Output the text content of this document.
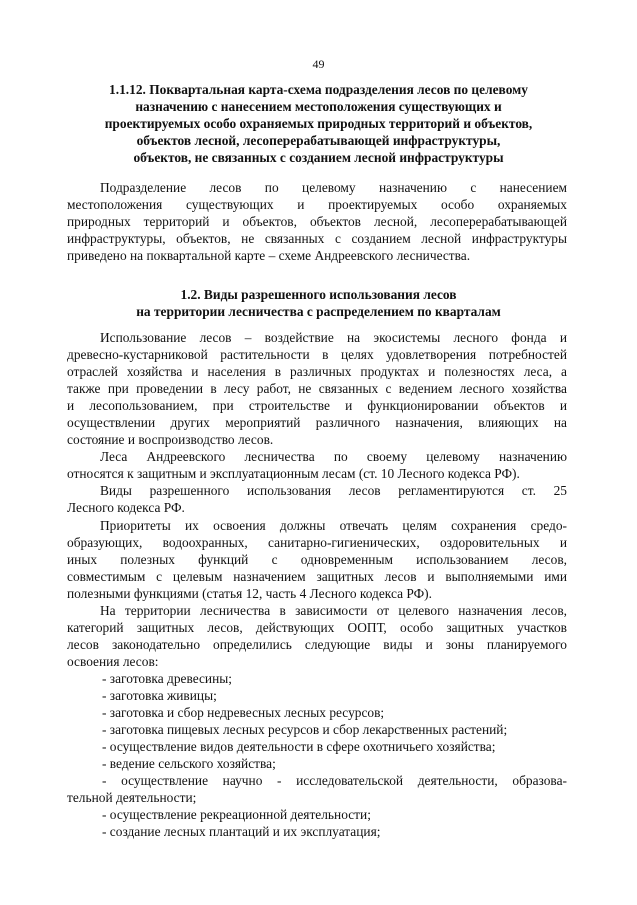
49
1.1.12. Поквартальная карта-схема подразделения лесов по целевому
назначению с нанесением местоположения существующих и
проектируемых особо охраняемых природных территорий и объектов,
объектов лесной, лесоперерабатывающей инфраструктуры,
объектов, не связанных с созданием лесной инфраструктуры
Подразделение лесов по целевому назначению с нанесением
местоположения существующих и проектируемых особо охраняемых
природных территорий и объектов, объектов лесной, лесоперерабатывающей
инфраструктуры, объектов, не связанных с созданием лесной инфраструктуры
приведено на поквартальной карте – схеме Андреевского лесничества.
1.2. Виды разрешенного использования лесов
на территории лесничества с распределением по кварталам
Использование лесов – воздействие на экосистемы лесного фонда и
древесно-кустарниковой растительности в целях удовлетворения потребностей
отраслей хозяйства и населения в различных продуктах и полезностях леса, а
также при проведении в лесу работ, не связанных с ведением лесного хозяйства
и лесопользованием, при строительстве и функционировании объектов и
осуществлении других мероприятий различного назначения, влияющих на
состояние и воспроизводство лесов.
Леса Андреевского лесничества по своему целевому назначению
относятся к защитным и эксплуатационным лесам (ст. 10 Лесного кодекса РФ).
Виды разрешенного использования лесов регламентируются ст. 25
Лесного кодекса РФ.
Приоритеты их освоения должны отвечать целям сохранения средо-
образующих, водоохранных, санитарно-гигиенических, оздоровительных и
иных полезных функций с одновременным использованием лесов,
совместимым с целевым назначением защитных лесов и выполняемыми ими
полезными функциями (статья 12, часть 4 Лесного кодекса РФ).
На территории лесничества в зависимости от целевого назначения лесов,
категорий защитных лесов, действующих ООПТ, особо защитных участков
лесов законодательно определились следующие виды и зоны планируемого
освоения лесов:
- заготовка древесины;
- заготовка живицы;
- заготовка и сбор недревесных лесных ресурсов;
- заготовка пищевых лесных ресурсов и сбор лекарственных растений;
- осуществление видов деятельности в сфере охотничьего хозяйства;
- ведение сельского хозяйства;
- осуществление научно - исследовательской деятельности, образова-
тельной деятельности;
- осуществление рекреационной деятельности;
- создание лесных плантаций и их эксплуатация;
